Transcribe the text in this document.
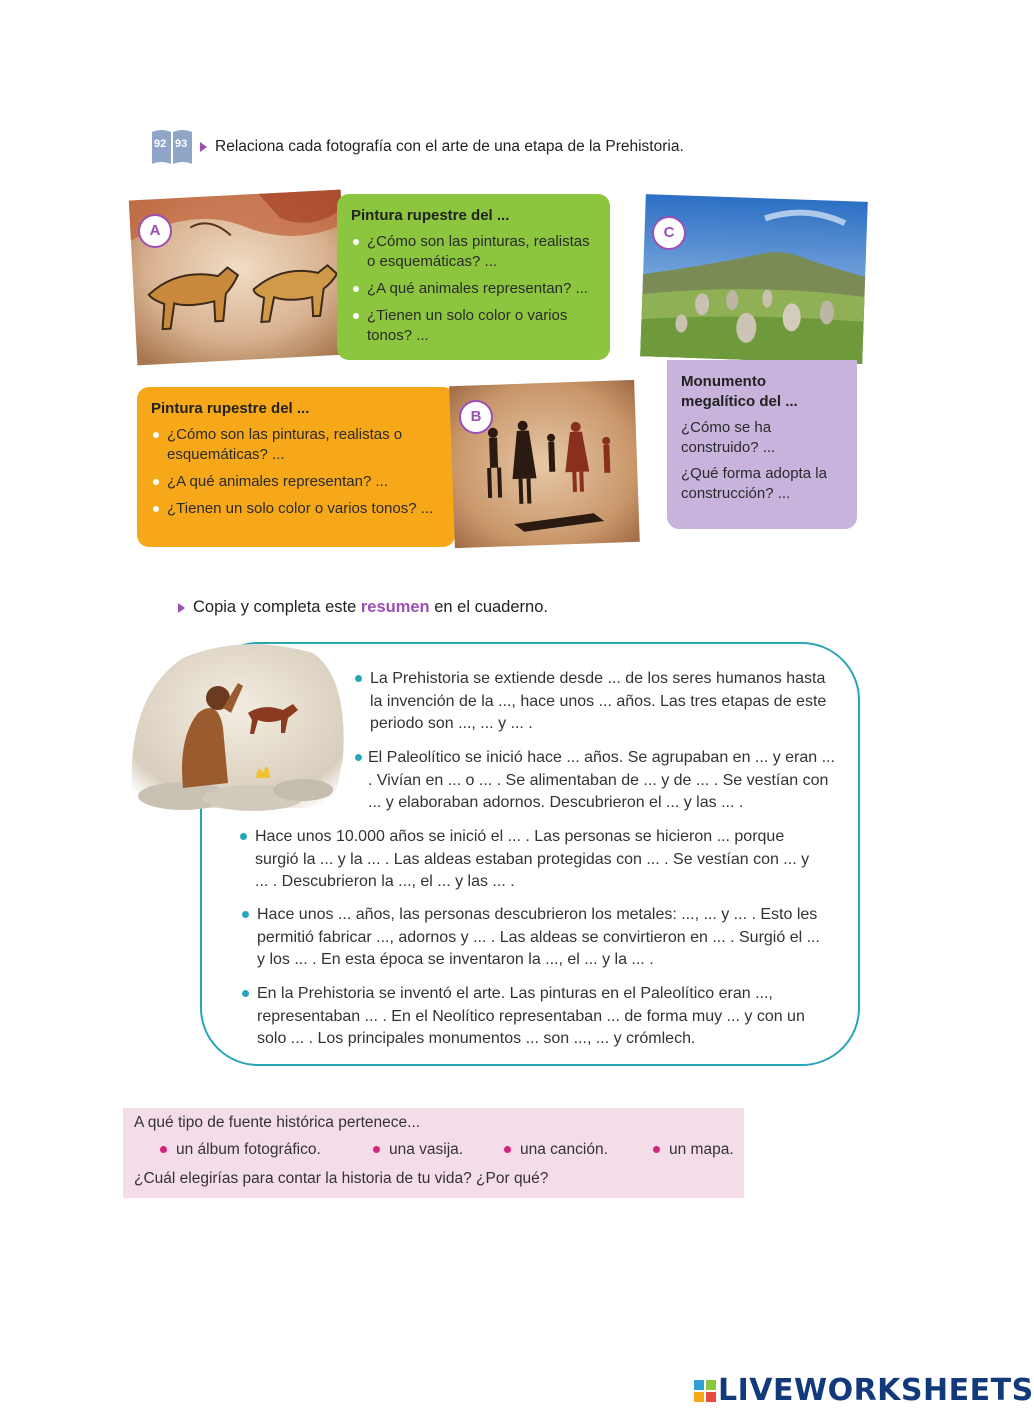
92 93	Relaciona cada fotografía con el arte de una etapa de la Prehistoria.
A
Pintura rupestre del ...
¿Cómo son las pinturas, realistas o esquemáticas? ...
¿A qué animales representan? ...
¿Tienen un solo color o varios tonos? ...
C
Monumento megalítico del ...

¿Cómo se ha construido? ...

¿Qué forma adopta la construcción? ...

Pintura rupestre del ...
¿Cómo son las pinturas, realistas o esquemáticas? ...
¿A qué animales representan? ...
¿Tienen un solo color o varios tonos? ...
B
Copia y completa este resumen en el cuaderno.
La Prehistoria se extiende desde ... de los seres humanos hasta la invención de la ..., hace unos ... años. Las tres etapas de este periodo son ..., ... y ... .
El Paleolítico se inició hace ... años. Se agrupaban en ... y eran ... . Vivían en ... o ... . Se alimentaban de ... y de ... . Se vestían con ... y elaboraban adornos. Descubrieron el ... y las ... .
Hace unos 10.000 años se inició el ... . Las personas se hicieron ... porque surgió la ... y la ... . Las aldeas estaban protegidas con ... . Se vestían con ... y ... . Descubrieron la ..., el ... y las ... .
Hace unos ... años, las personas descubrieron los metales: ..., ... y ... . Esto les permitió fabricar ..., adornos y ... . Las aldeas se convirtieron en ... . Surgió el ... y los ... . En esta época se inventaron la ..., el ... y la ... .
En la Prehistoria se inventó el arte. Las pinturas en el Paleolítico eran ..., representaban ... . En el Neolítico representaban ... de forma muy ... y con un solo ... . Los principales monumentos ... son ..., ... y crómlech.
A qué tipo de fuente histórica pertenece...
un álbum fotográfico.	una vasija.	una canción.	un mapa.
¿Cuál elegirías para contar la historia de tu vida? ¿Por qué?
LIVEWORKSHEETS
